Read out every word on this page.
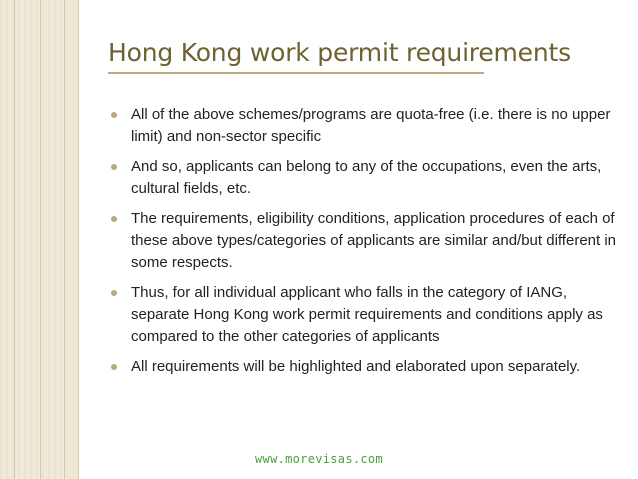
Hong Kong work permit requirements
All of the above schemes/programs are quota-free (i.e. there is no upper limit) and non-sector specific
And so, applicants can belong to any of the occupations, even the arts, cultural fields, etc.
The requirements, eligibility conditions, application procedures of each of these above types/categories of applicants are similar and/but different in some respects.
Thus, for all individual applicant who falls in the category of IANG, separate Hong Kong work permit requirements and conditions apply as compared to the other categories of applicants
All requirements will be highlighted and elaborated upon separately.
www.morevisas.com
